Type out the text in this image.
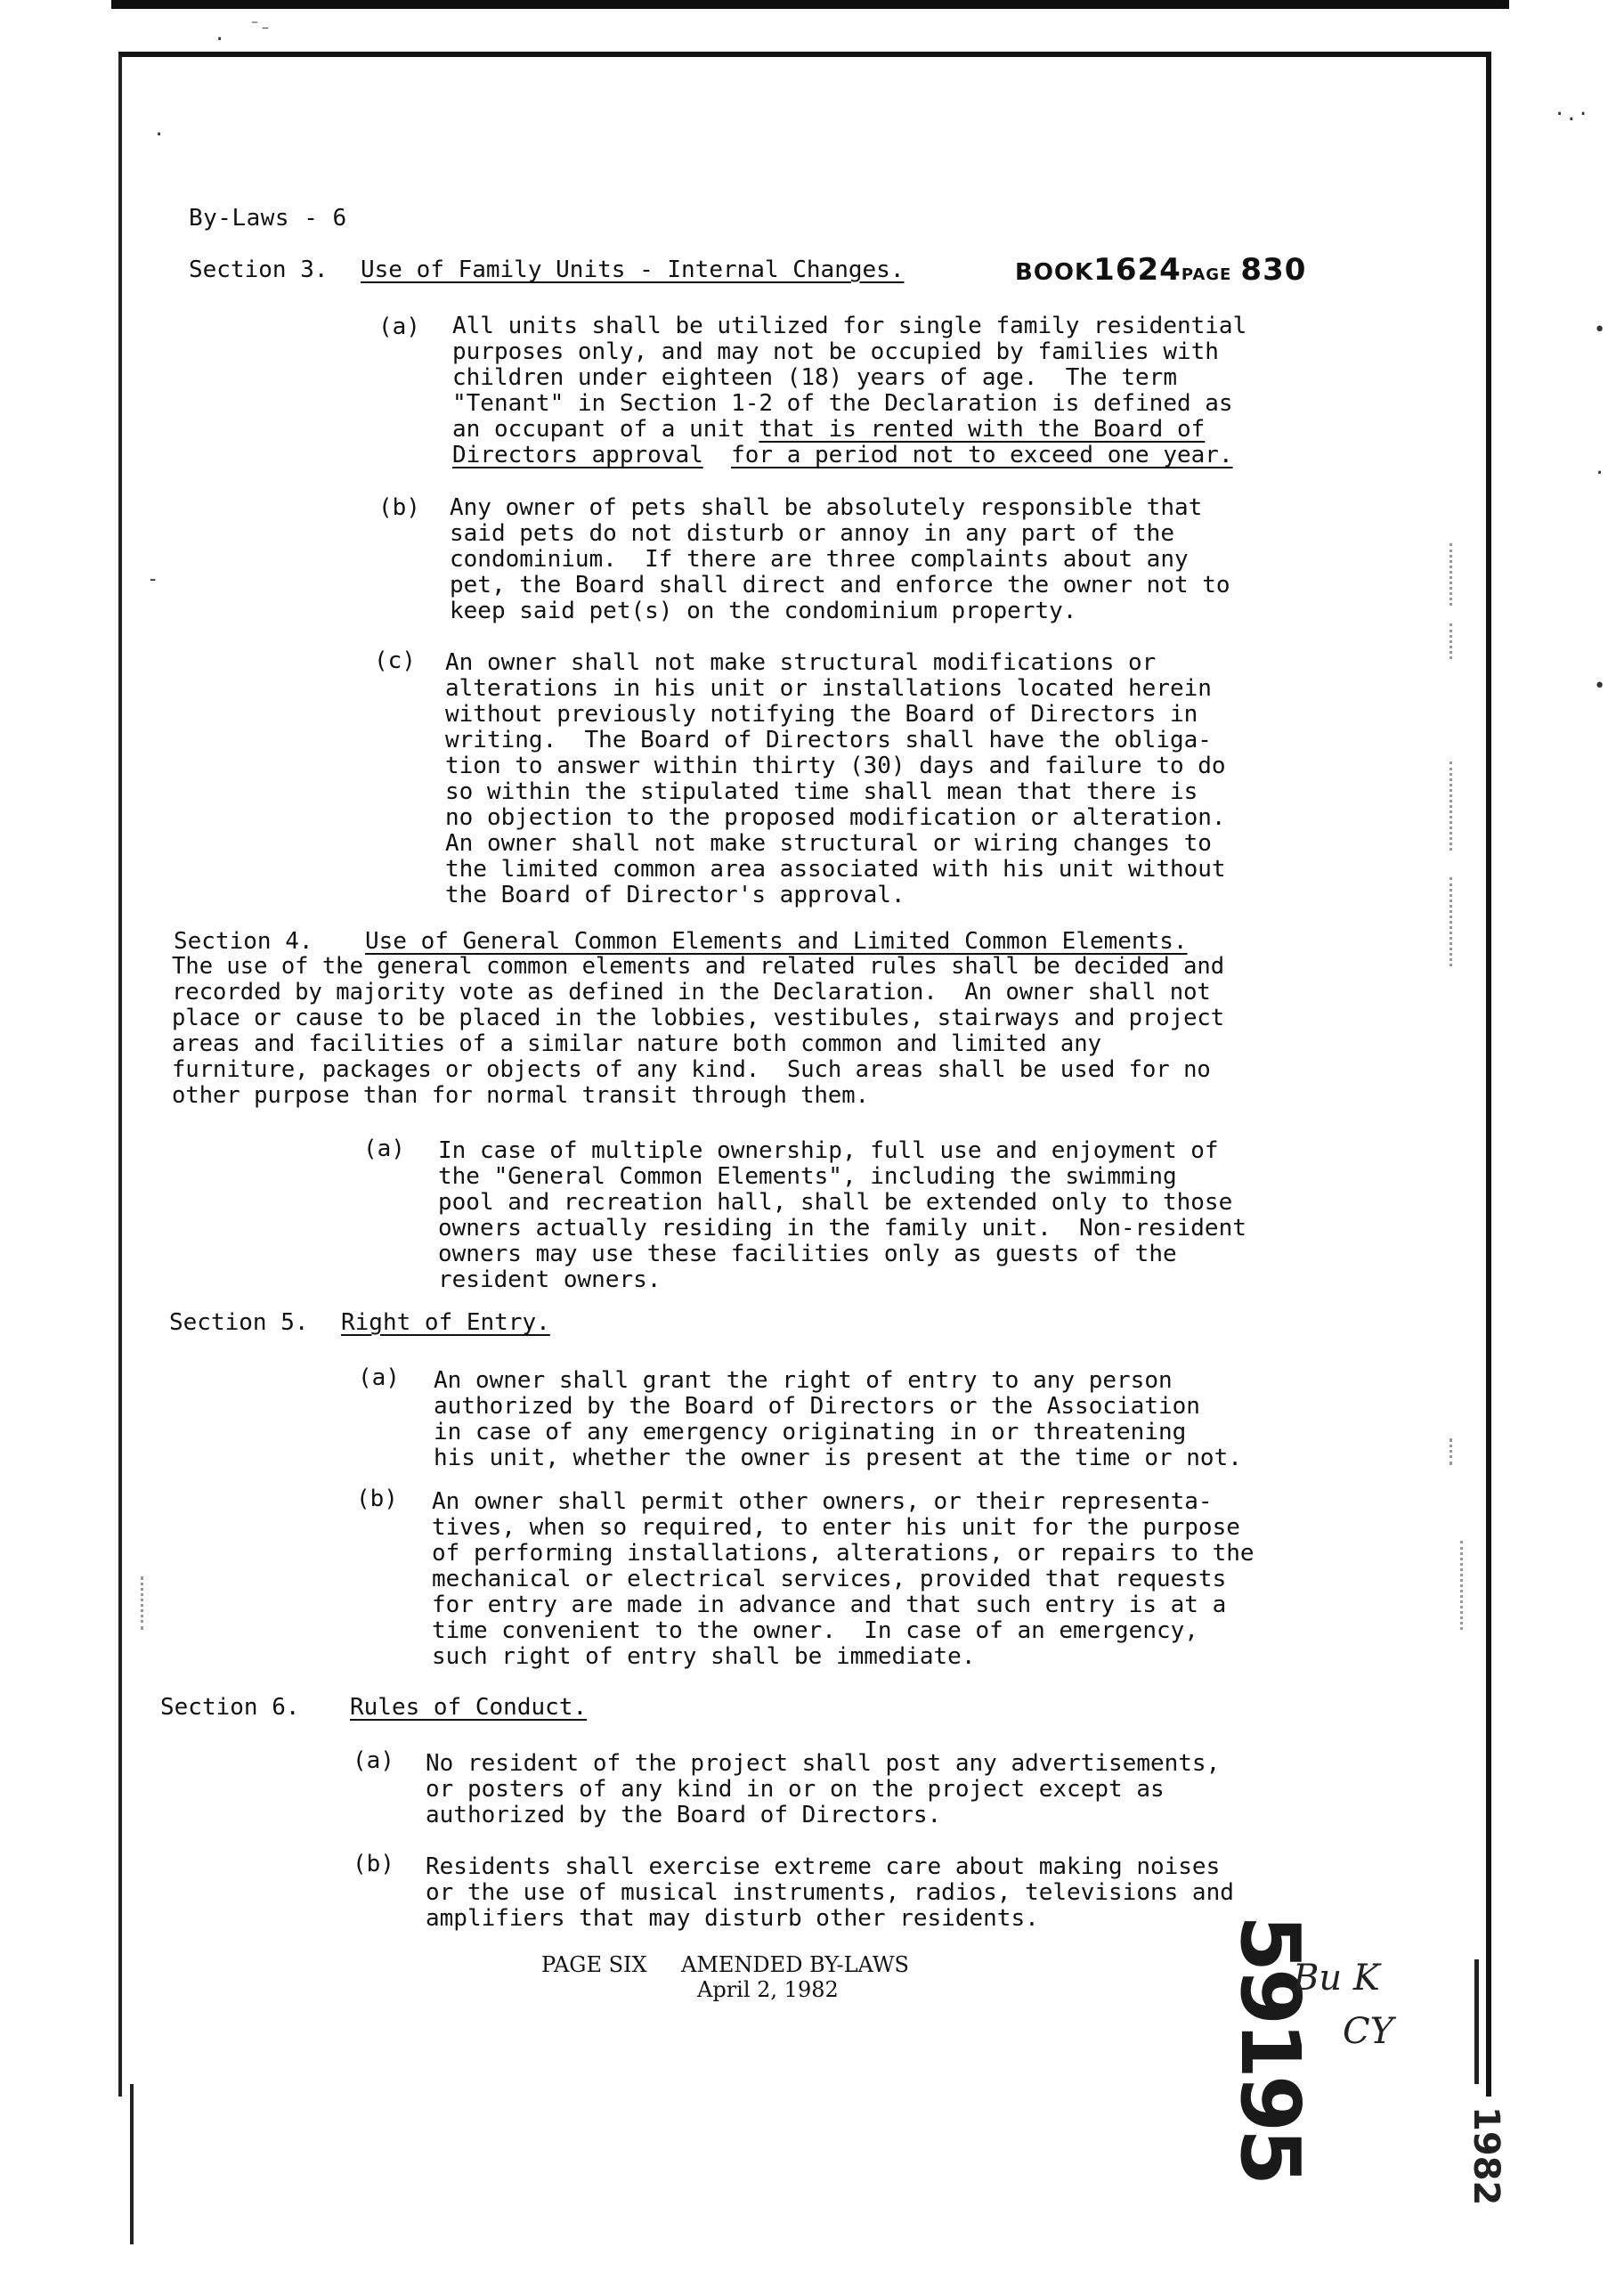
. ⁻₋
.
·.·
•
.
•
-
By-Laws - 6
Section 3. Use of Family Units - Internal Changes.	BOOK1624PAGE 830
(a) All units shall be utilized for single family residential
purposes only, and may not be occupied by families with
children under eighteen (18) years of age.  The term
"Tenant" in Section 1-2 of the Declaration is defined as
an occupant of a unit that is rented with the Board of
Directors approval for a period not to exceed one year.
(b) Any owner of pets shall be absolutely responsible that
said pets do not disturb or annoy in any part of the
condominium.  If there are three complaints about any
pet, the Board shall direct and enforce the owner not to
keep said pet(s) on the condominium property.
(c) An owner shall not make structural modifications or
alterations in his unit or installations located herein
without previously notifying the Board of Directors in
writing.  The Board of Directors shall have the obliga-
tion to answer within thirty (30) days and failure to do
so within the stipulated time shall mean that there is
no objection to the proposed modification or alteration.
An owner shall not make structural or wiring changes to
the limited common area associated with his unit without
the Board of Director's approval.
Section 4. Use of General Common Elements and Limited Common Elements.
The use of the general common elements and related rules shall be decided and
recorded by majority vote as defined in the Declaration.  An owner shall not
place or cause to be placed in the lobbies, vestibules, stairways and project
areas and facilities of a similar nature both common and limited any
furniture, packages or objects of any kind.  Such areas shall be used for no
other purpose than for normal transit through them.
(a) In case of multiple ownership, full use and enjoyment of
the "General Common Elements", including the swimming
pool and recreation hall, shall be extended only to those
owners actually residing in the family unit.  Non-resident
owners may use these facilities only as guests of the
resident owners.
Section 5. Right of Entry.
(a) An owner shall grant the right of entry to any person
authorized by the Board of Directors or the Association
in case of any emergency originating in or threatening
his unit, whether the owner is present at the time or not.
(b) An owner shall permit other owners, or their representa-
tives, when so required, to enter his unit for the purpose
of performing installations, alterations, or repairs to the
mechanical or electrical services, provided that requests
for entry are made in advance and that such entry is at a
time convenient to the owner.  In case of an emergency,
such right of entry shall be immediate.
Section 6. Rules of Conduct.
(a) No resident of the project shall post any advertisements,
or posters of any kind in or on the project except as
authorized by the Board of Directors.
(b) Residents shall exercise extreme care about making noises
or the use of musical instruments, radios, televisions and
amplifiers that may disturb other residents.
PAGE SIX AMENDED BY-LAWS
April 2, 1982	59195
Bu K
CY
1982
